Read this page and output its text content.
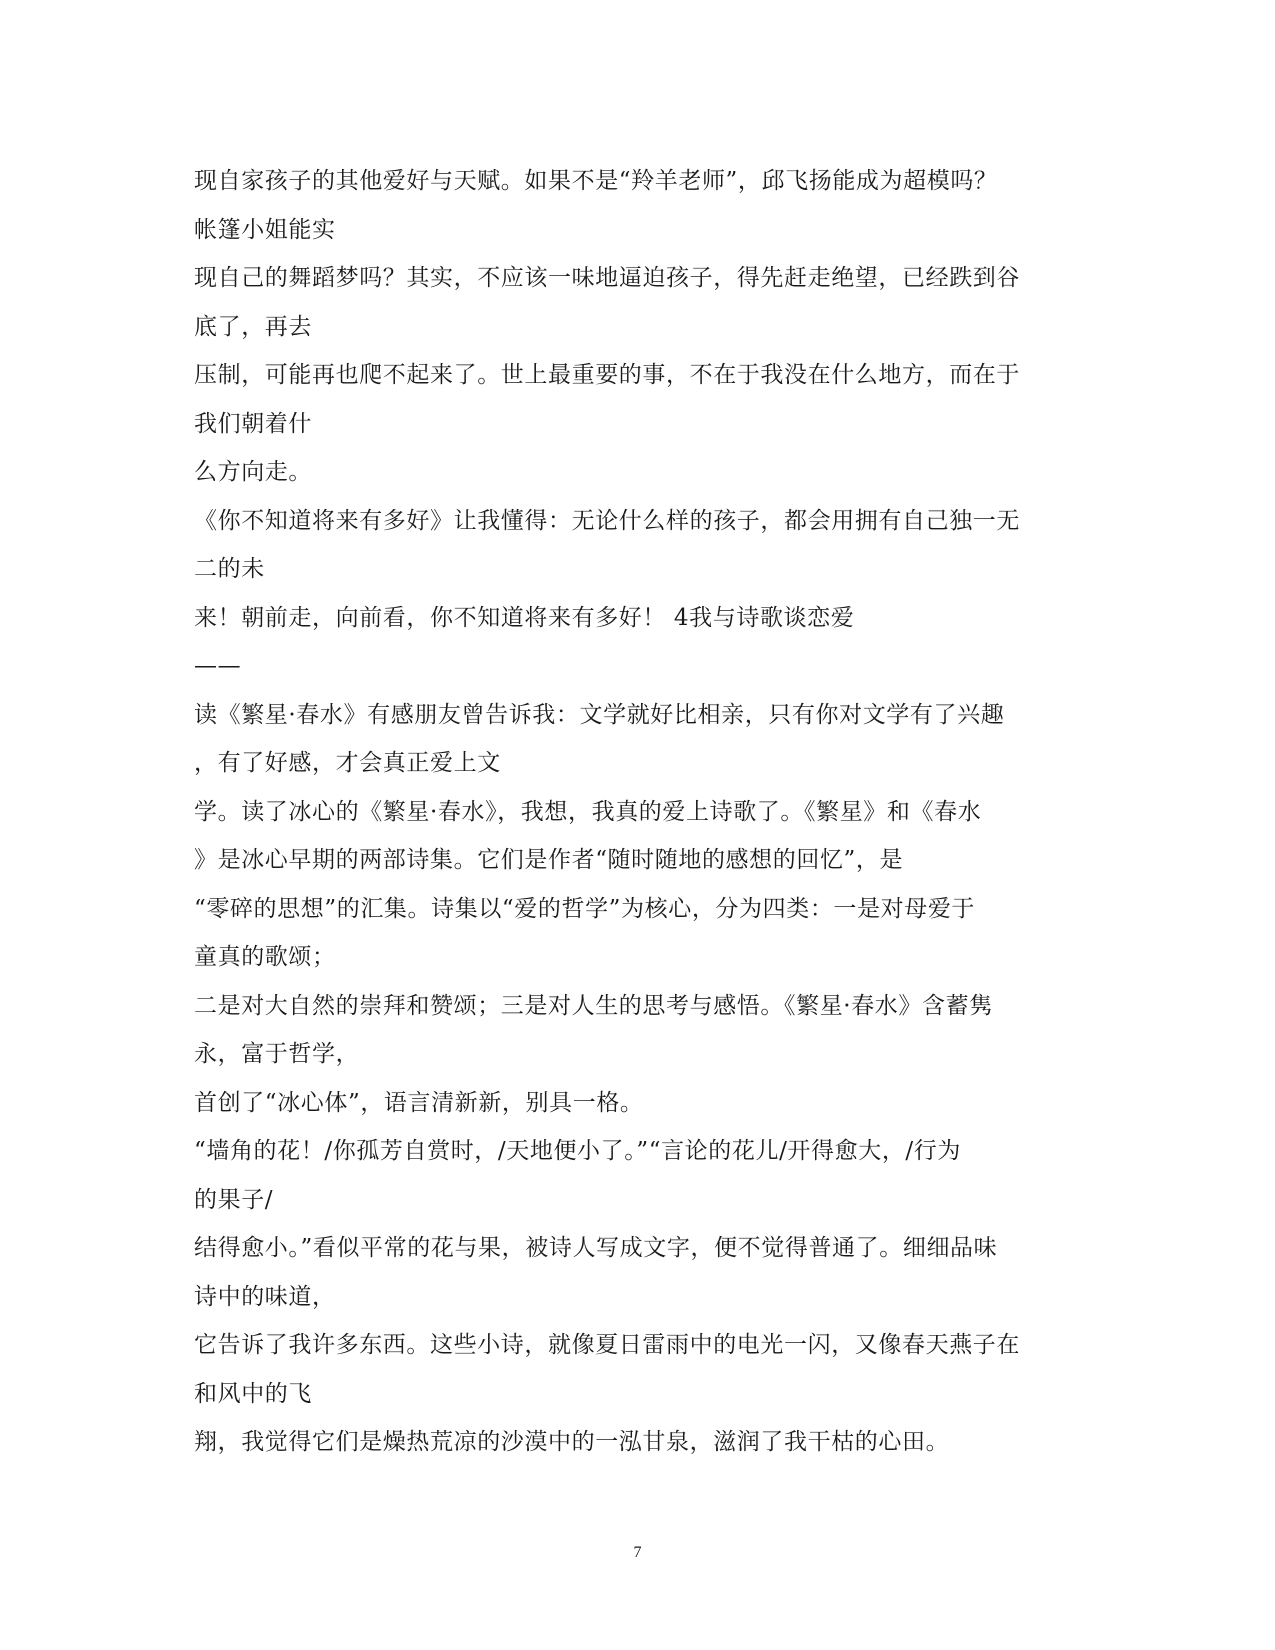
现自家孩子的其他爱好与天赋。如果不是“羚羊老师”，邱飞扬能成为超模吗？
帐篷小姐能实
现自己的舞蹈梦吗？其实，不应该一味地逼迫孩子，得先赶走绝望，已经跌到谷
底了，再去
压制，可能再也爬不起来了。世上最重要的事，不在于我没在什么地方，而在于
我们朝着什
么方向走。
《你不知道将来有多好》让我懂得：无论什么样的孩子，都会用拥有自己独一无
二的未
来！朝前走，向前看，你不知道将来有多好！ 4我与诗歌谈恋爱
——
读《繁星·春水》有感朋友曾告诉我：文学就好比相亲，只有你对文学有了兴趣
，有了好感，才会真正爱上文
学。读了冰心的《繁星·春水》，我想，我真的爱上诗歌了。《繁星》和《春水
》是冰心早期的两部诗集。它们是作者“随时随地的感想的回忆”，是
“零碎的思想”的汇集。诗集以“爱的哲学”为核心，分为四类：一是对母爱于
童真的歌颂；
二是对大自然的崇拜和赞颂；三是对人生的思考与感悟。《繁星·春水》含蓄隽
永，富于哲学，
首创了“冰心体”，语言清新新，别具一格。
“墙角的花！/你孤芳自赏时，/天地便小了。”“言论的花儿/开得愈大，/行为
的果子/
结得愈小。”看似平常的花与果，被诗人写成文字，便不觉得普通了。细细品味
诗中的味道，
它告诉了我许多东西。这些小诗，就像夏日雷雨中的电光一闪，又像春天燕子在
和风中的飞
翔，我觉得它们是燥热荒凉的沙漠中的一泓甘泉，滋润了我干枯的心田。
7
